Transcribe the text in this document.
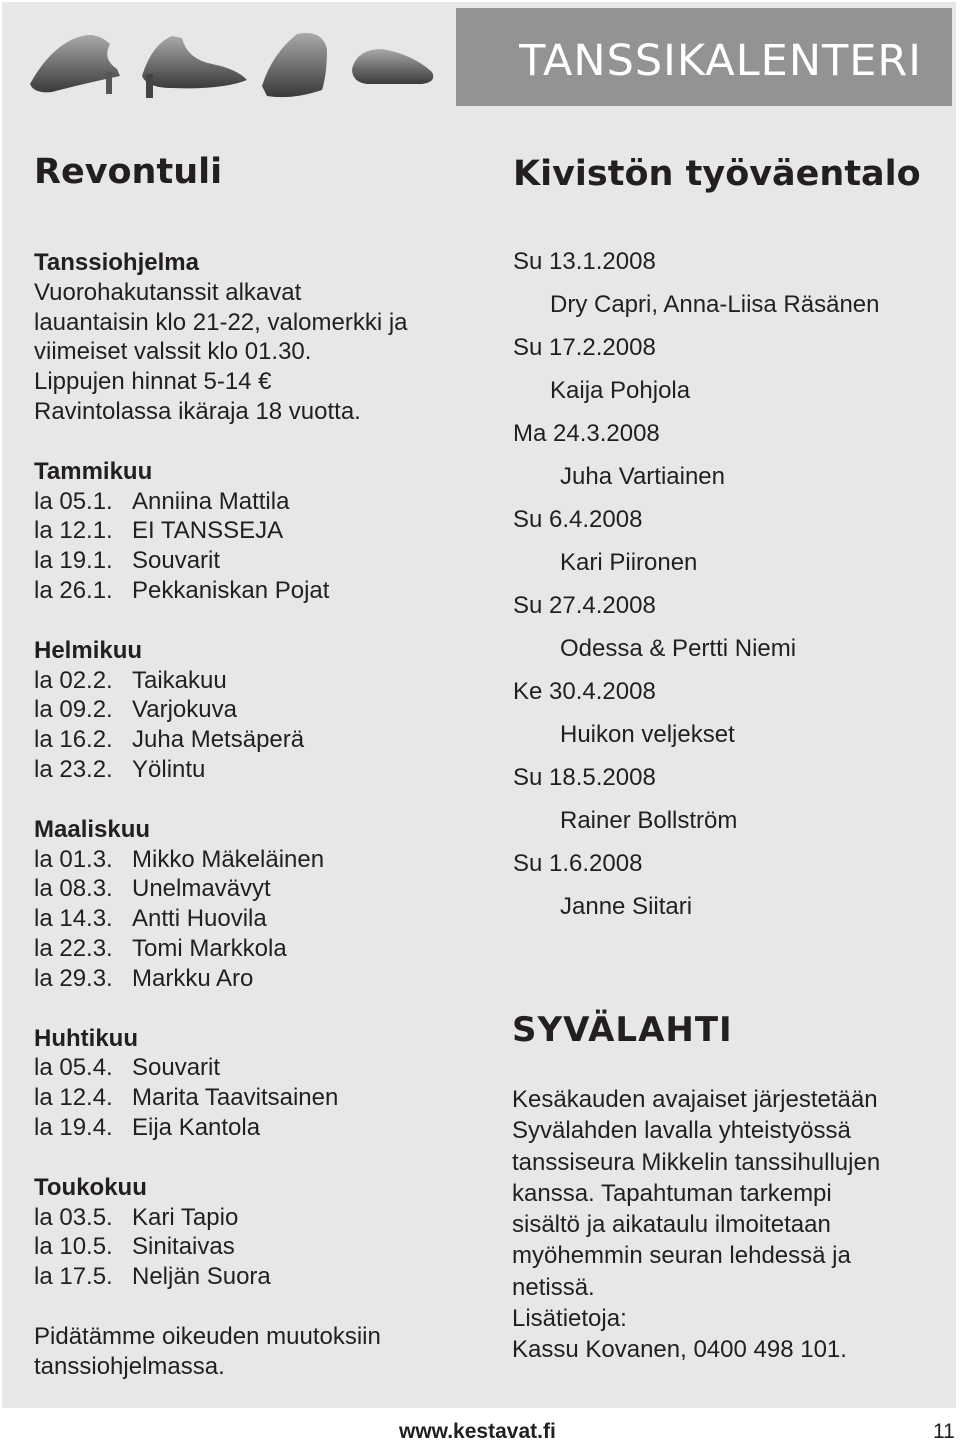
TANSSIKALENTERI
Revontuli	Kivistön työväentalo
Tanssiohjelma
Vuorohakutanssit alkavat
lauantaisin klo 21-22, valomerkki ja
viimeiset valssit klo 01.30.
Lippujen hinnat 5-14 €
Ravintolassa ikäraja 18 vuotta.
Tammikuu
la 05.1. Anniina Mattila
la 12.1. EI TANSSEJA
la 19.1. Souvarit
la 26.1. Pekkaniskan Pojat
Helmikuu
la 02.2. Taikakuu
la 09.2. Varjokuva
la 16.2. Juha Metsäperä
la 23.2. Yölintu
Maaliskuu
la 01.3. Mikko Mäkeläinen
la 08.3. Unelmavävyt
la 14.3. Antti Huovila
la 22.3. Tomi Markkola
la 29.3. Markku Aro
Huhtikuu
la 05.4. Souvarit
la 12.4. Marita Taavitsainen
la 19.4. Eija Kantola
Toukokuu
la 03.5. Kari Tapio
la 10.5. Sinitaivas
la 17.5. Neljän Suora
Pidätämme oikeuden muutoksiin
tanssiohjelmassa.
Su 13.1.2008
Dry Capri, Anna-Liisa Räsänen
Su 17.2.2008
Kaija Pohjola
Ma 24.3.2008
Juha Vartiainen
Su 6.4.2008
Kari Piironen
Su 27.4.2008
Odessa & Pertti Niemi
Ke 30.4.2008
Huikon veljekset
Su 18.5.2008
Rainer Bollström
Su 1.6.2008
Janne Siitari
SYVÄLAHTI
Kesäkauden avajaiset järjestetään
Syvälahden lavalla yhteistyössä
tanssiseura Mikkelin tanssihullujen
kanssa. Tapahtuman tarkempi
sisältö ja aikataulu ilmoitetaan
myöhemmin seuran lehdessä ja
netissä.
Lisätietoja:
Kassu Kovanen, 0400 498 101.
www.kestavat.fi	11
